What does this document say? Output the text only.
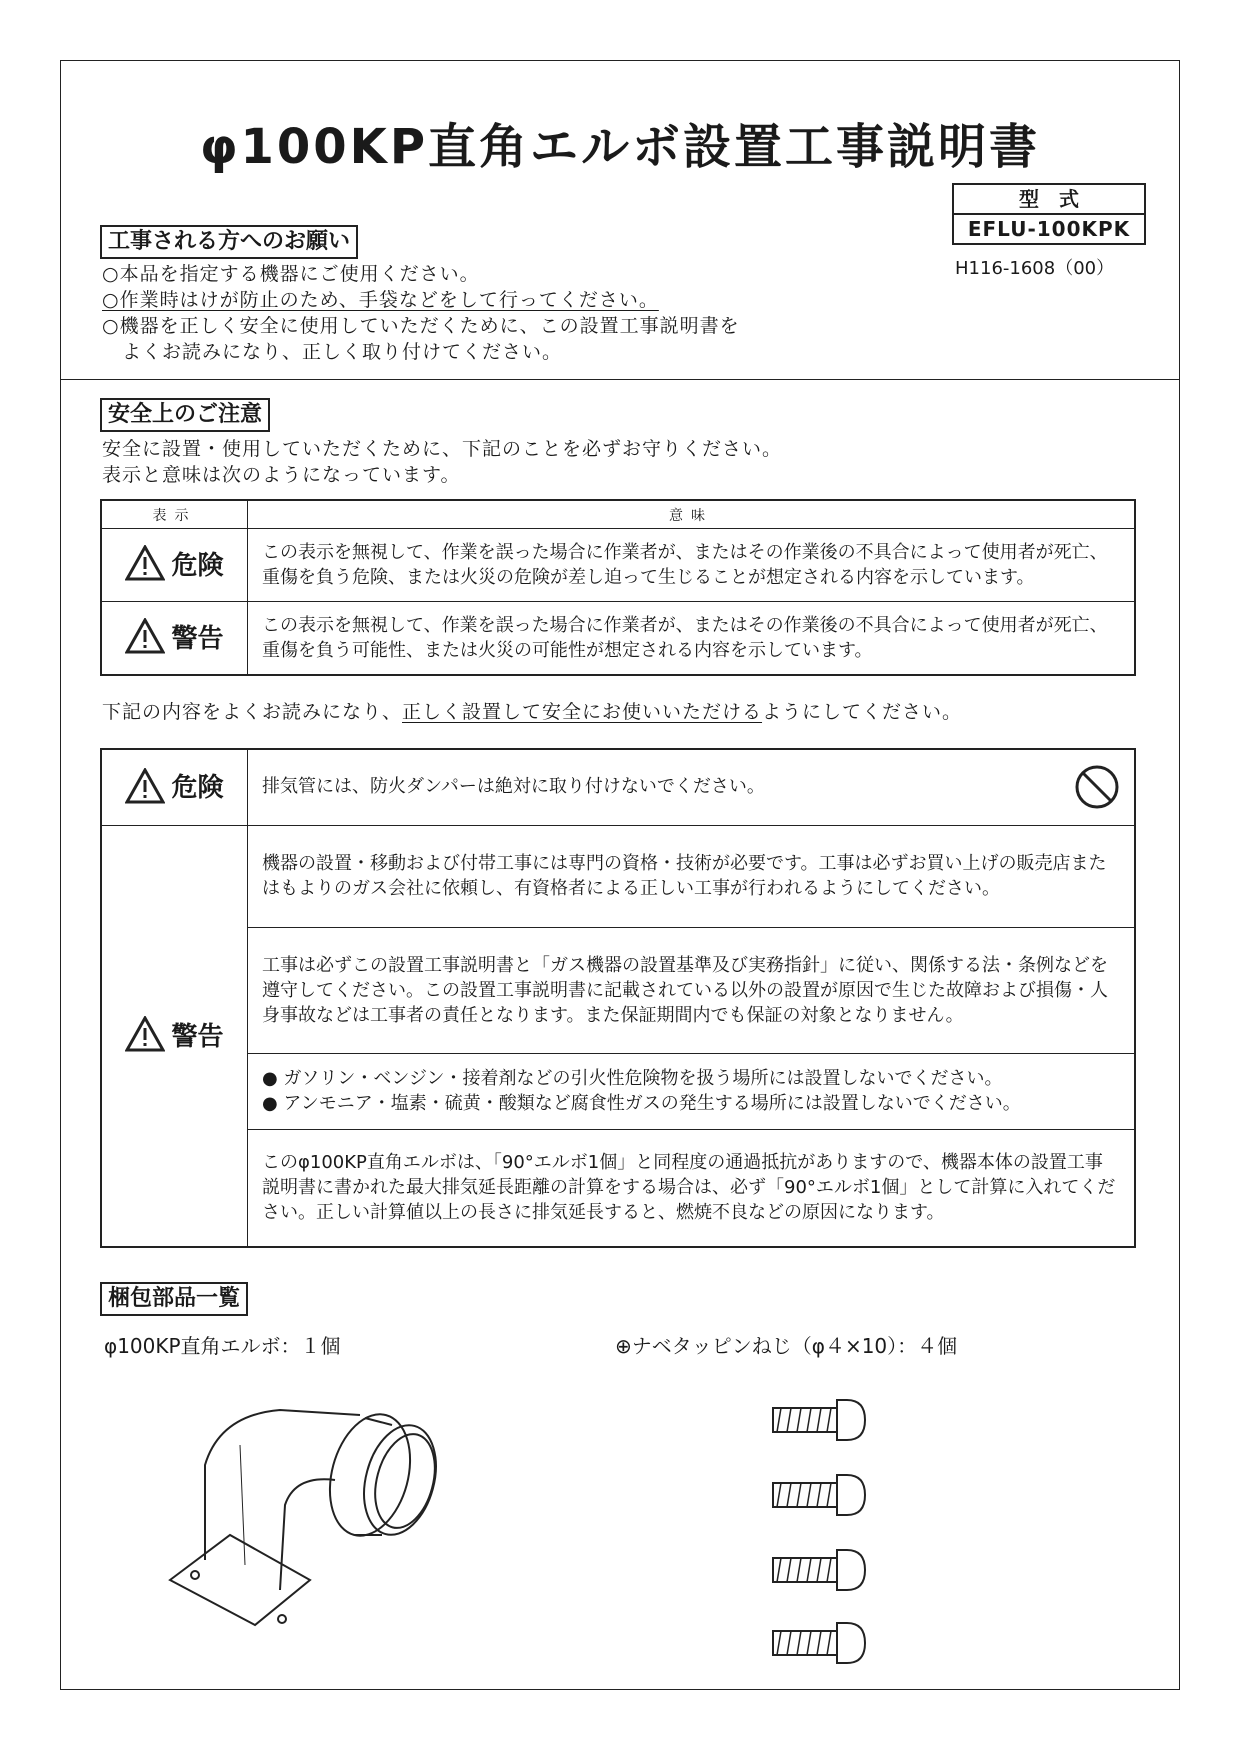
φ100KP直角エルボ設置工事説明書
型　式
EFLU-100KPK
H116-1608（00）
工事される方へのお願い
○本品を指定する機器にご使用ください。
○作業時はけが防止のため、手袋などをして行ってください。
○機器を正しく安全に使用していただくために、この設置工事説明書を
　よくお読みになり、正しく取り付けてください。
安全上のご注意
安全に設置・使用していただくために、下記のことを必ずお守りください。
表示と意味は次のようになっています。
表示	意味

危険	この表示を無視して、作業を誤った場合に作業者が、またはその作業後の不具合によって使用者が死亡、重傷を負う危険、または火災の危険が差し迫って生じることが想定される内容を示しています。

警告	この表示を無視して、作業を誤った場合に作業者が、またはその作業後の不具合によって使用者が死亡、重傷を負う可能性、または火災の可能性が想定される内容を示しています。
下記の内容をよくお読みになり、正しく設置して安全にお使いいただけるようにしてください。
危険	排気管には、防火ダンパーは絶対に取り付けないでください。

警告	機器の設置・移動および付帯工事には専門の資格・技術が必要です。工事は必ずお買い上げの販売店またはもよりのガス会社に依頼し、有資格者による正しい工事が行われるようにしてください。
	工事は必ずこの設置工事説明書と「ガス機器の設置基準及び実務指針」に従い、関係する法・条例などを遵守してください。この設置工事説明書に記載されている以外の設置が原因で生じた故障および損傷・人身事故などは工事者の責任となります。また保証期間内でも保証の対象となりません。

	● ガソリン・ベンジン・接着剤などの引火性危険物を扱う場所には設置しないでください。
● アンモニア・塩素・硫黄・酸類など腐食性ガスの発生する場所には設置しないでください。

	このφ100KP直角エルボは、「90°エルボ1個」と同程度の通過抵抗がありますので、機器本体の設置工事説明書に書かれた最大排気延長距離の計算をする場合は、必ず「90°エルボ1個」として計算に入れてください。正しい計算値以上の長さに排気延長すると、燃焼不良などの原因になります。
梱包部品一覧
φ100KP直角エルボ：１個	⊕ナベタッピンねじ（φ４×10）：４個
